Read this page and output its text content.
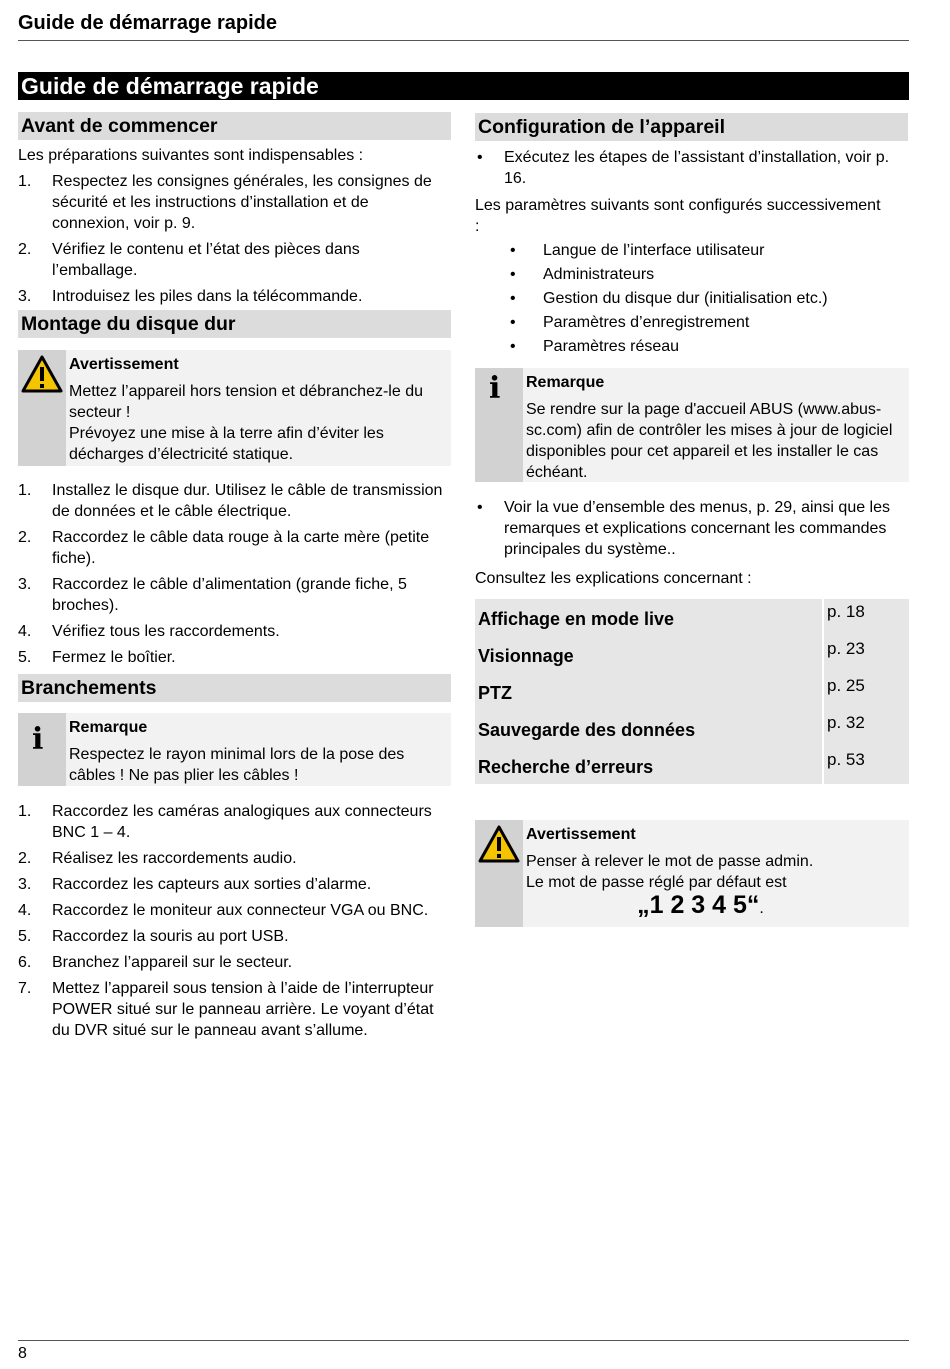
Guide de démarrage rapide
Guide de démarrage rapide
Avant de commencer
Les préparations suivantes sont indispensables :
1. Respectez les consignes générales, les consignes de sécurité et les instructions d’installation et de connexion, voir p. 9.
2. Vérifiez le contenu et l’état des pièces dans l’emballage.
3. Introduisez les piles dans la télécommande.
Montage du disque dur
Avertissement
Mettez l’appareil hors tension et débranchez-le du secteur !
Prévoyez une mise à la terre afin d’éviter les décharges d’électricité statique.
1. Installez le disque dur. Utilisez le câble de transmission de données et le câble électrique.
2. Raccordez le câble data rouge à la carte mère (petite fiche).
3. Raccordez le câble d’alimentation (grande fiche, 5 broches).
4. Vérifiez tous les raccordements.
5. Fermez le boîtier.
Branchements
i Remarque
Respectez le rayon minimal lors de la pose des câbles ! Ne pas plier les câbles !
1. Raccordez les caméras analogiques aux connecteurs BNC 1 – 4.
2. Réalisez les raccordements audio.
3. Raccordez les capteurs aux sorties d’alarme.
4. Raccordez le moniteur aux connecteur VGA ou BNC.
5. Raccordez la souris au port USB.
6. Branchez l’appareil sur le secteur.
7. Mettez l’appareil sous tension à l’aide de l’interrupteur POWER situé sur le panneau arrière. Le voyant d’état du DVR situé sur le panneau avant s’allume.
Configuration de l’appareil
• Exécutez les étapes de l’assistant d’installation, voir p. 16.
Les paramètres suivants sont configurés successivement :
• Langue de l’interface utilisateur
• Administrateurs
• Gestion du disque dur (initialisation etc.)
• Paramètres d’enregistrement
• Paramètres réseau
i Remarque
Se rendre sur la page d'accueil ABUS (www.abus-sc.com) afin de contrôler les mises à jour de logiciel disponibles pour cet appareil et les installer le cas échéant.
• Voir la vue d’ensemble des menus, p. 29, ainsi que les remarques et explications concernant les commandes principales du système..
Consultez les explications concernant :
Affichage en mode live	p. 18
Visionnage	p. 23
PTZ	p. 25
Sauvegarde des données	p. 32
Recherche d’erreurs	p. 53
Avertissement
Penser à relever le mot de passe admin.
Le mot de passe réglé par défaut est
„1 2 3 4 5“.
8
